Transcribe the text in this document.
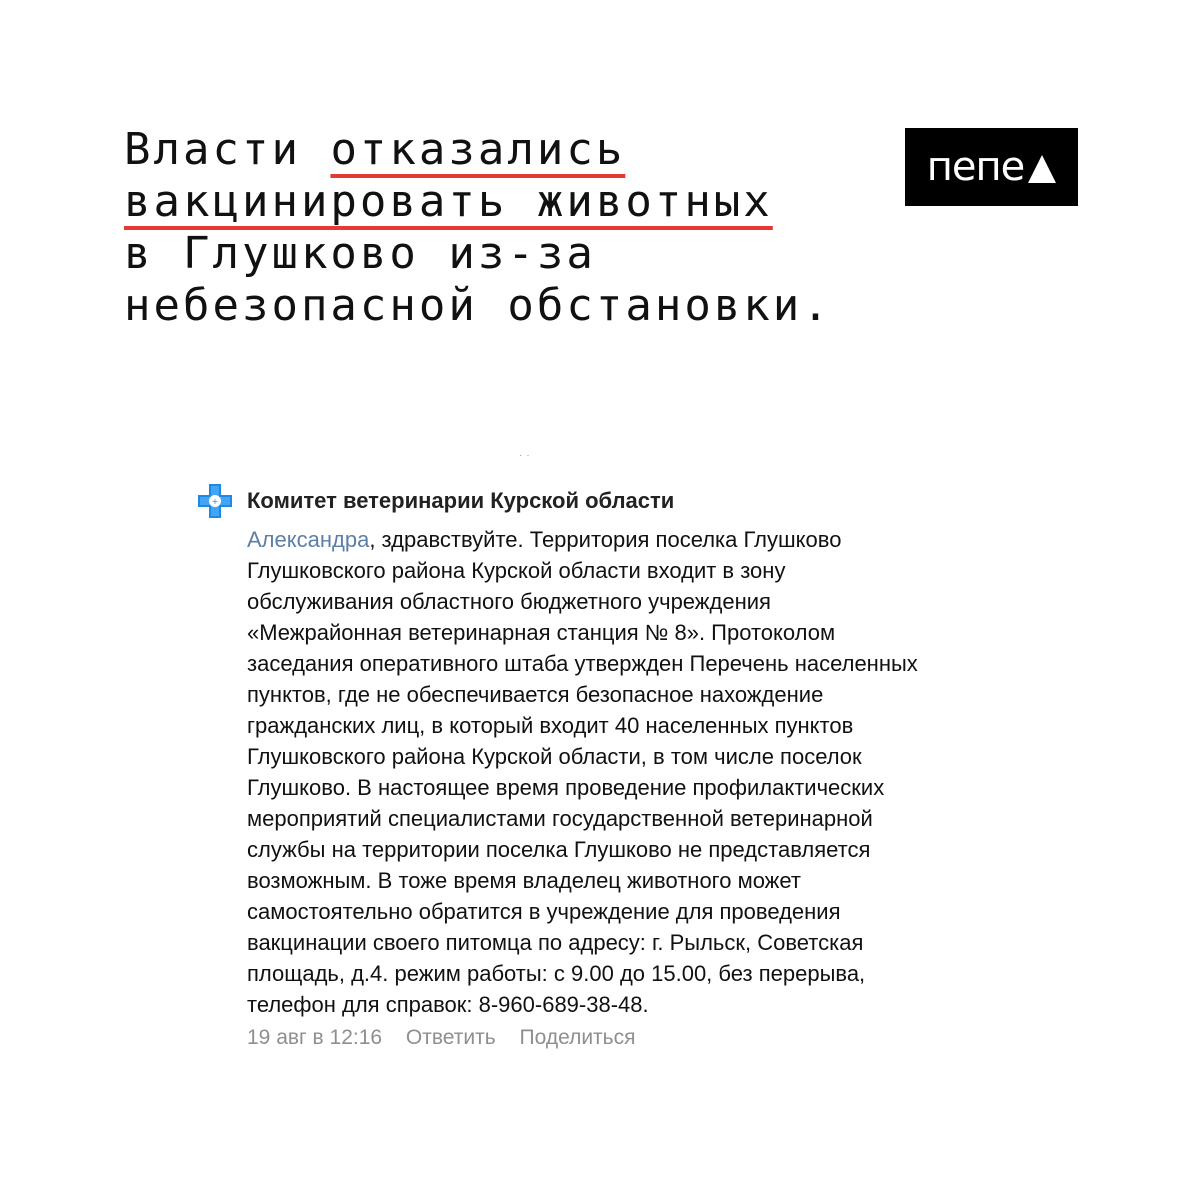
Власти отказались
вакцинировать животных
в Глушково из-за
небезопасной обстановки.
пепе
··
+ Комитет ветеринарии Курской области
Александра, здравствуйте. Территория поселка Глушково
Глушковского района Курской области входит в зону
обслуживания областного бюджетного учреждения
«Межрайонная ветеринарная станция № 8». Протоколом
заседания оперативного штаба утвержден Перечень населенных
пунктов, где не обеспечивается безопасное нахождение
гражданских лиц, в который входит 40 населенных пунктов
Глушковского района Курской области, в том числе поселок
Глушково. В настоящее время проведение профилактических
мероприятий специалистами государственной ветеринарной
службы на территории поселка Глушково не представляется
возможным. В тоже время владелец животного может
самостоятельно обратится в учреждение для проведения
вакцинации своего питомца по адресу: г. Рыльск, Советская
площадь, д.4. режим работы: с 9.00 до 15.00, без перерыва,
телефон для справок: 8-960-689-38-48.
19 авг в 12:16 Ответить Поделиться
